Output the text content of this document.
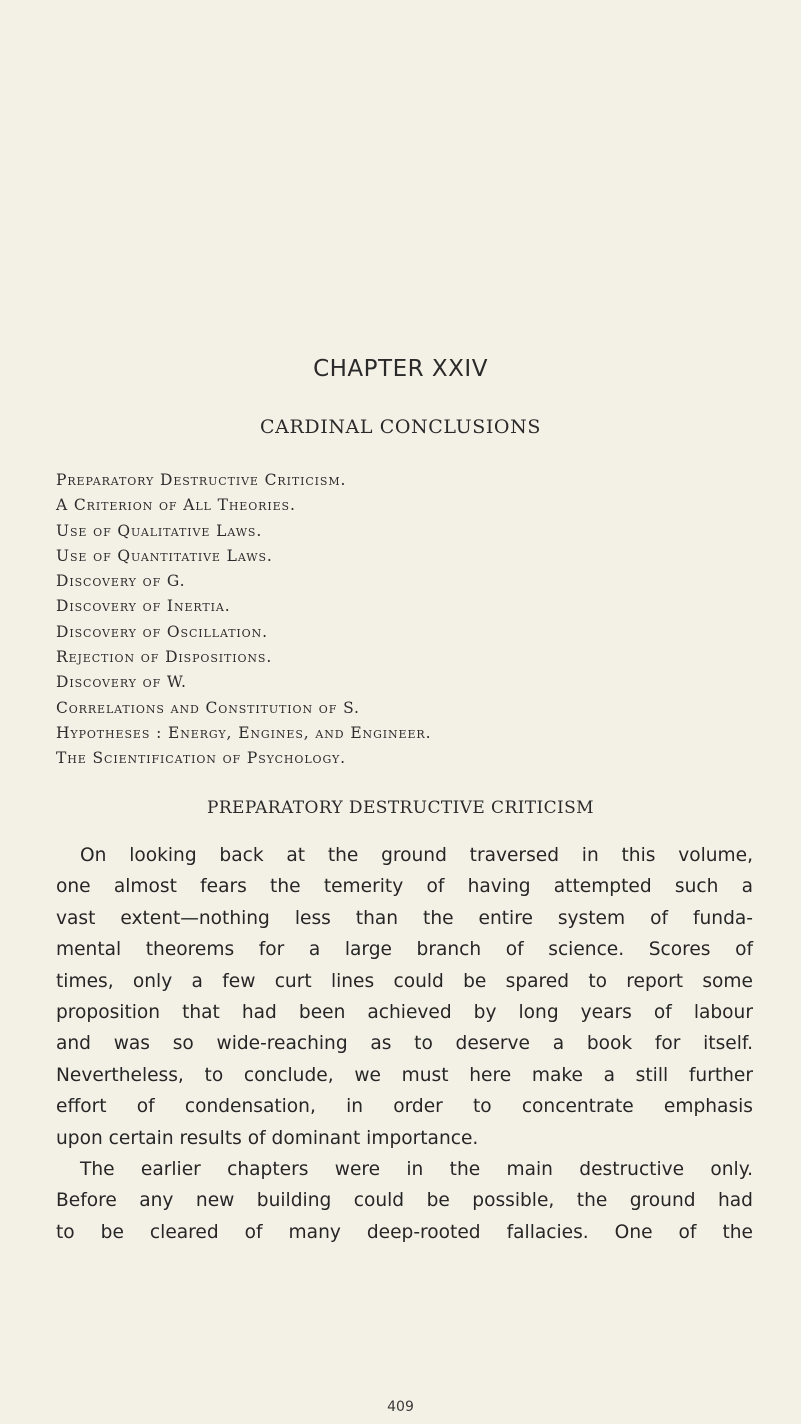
CHAPTER XXIV
CARDINAL CONCLUSIONS
Preparatory Destructive Criticism.
A Criterion of All Theories.
Use of Qualitative Laws.
Use of Quantitative Laws.
Discovery of G.
Discovery of Inertia.
Discovery of Oscillation.
Rejection of Dispositions.
Discovery of W.
Correlations and Constitution of S.
Hypotheses : Energy, Engines, and Engineer.
The Scientification of Psychology.
PREPARATORY DESTRUCTIVE CRITICISM
On looking back at the ground traversed in this volume,
one almost fears the temerity of having attempted such a
vast extent—nothing less than the entire system of funda-
mental theorems for a large branch of science. Scores of
times, only a few curt lines could be spared to report some
proposition that had been achieved by long years of labour
and was so wide-reaching as to deserve a book for itself.
Nevertheless, to conclude, we must here make a still further
effort of condensation, in order to concentrate emphasis
upon certain results of dominant importance.
The earlier chapters were in the main destructive only.
Before any new building could be possible, the ground had
to be cleared of many deep-rooted fallacies. One of the
409
